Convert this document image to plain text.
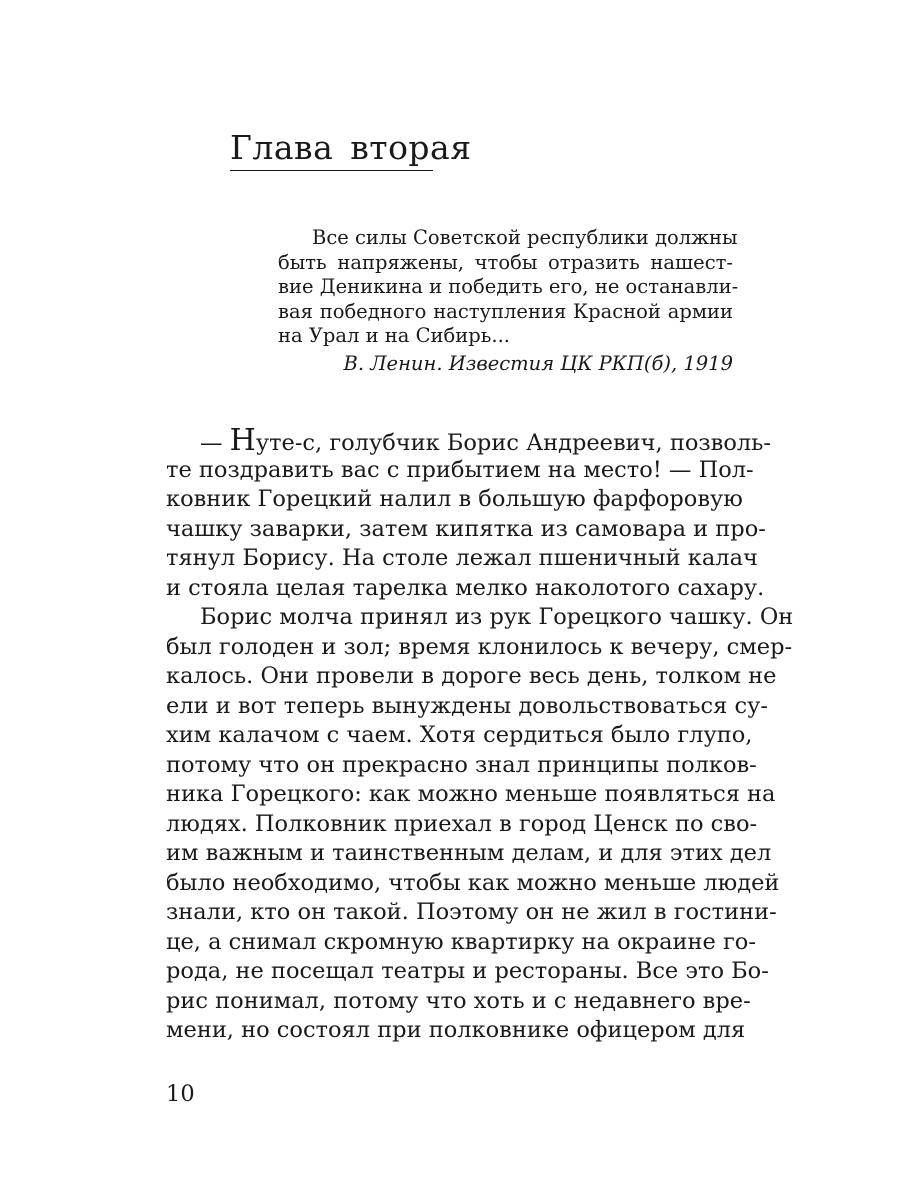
Глава вторая
Все силы Советской республики должны
быть напряжены, чтобы отразить нашест-
вие Деникина и победить его, не останавли-
вая победного наступления Красной армии
на Урал и на Сибирь...
В. Ленин. Известия ЦК РКП(б), 1919
— Нуте-с, голубчик Борис Андреевич, позволь-
те поздравить вас с прибытием на место! — Пол-
ковник Горецкий налил в большую фарфоровую
чашку заварки, затем кипятка из самовара и про-
тянул Борису. На столе лежал пшеничный калач
и стояла целая тарелка мелко наколотого сахару.
Борис молча принял из рук Горецкого чашку. Он
был голоден и зол; время клонилось к вечеру, смер-
калось. Они провели в дороге весь день, толком не
ели и вот теперь вынуждены довольствоваться су-
хим калачом с чаем. Хотя сердиться было глупо,
потому что он прекрасно знал принципы полков-
ника Горецкого: как можно меньше появляться на
людях. Полковник приехал в город Ценск по сво-
им важным и таинственным делам, и для этих дел
было необходимо, чтобы как можно меньше людей
знали, кто он такой. Поэтому он не жил в гостини-
це, а снимал скромную квартирку на окраине го-
рода, не посещал театры и рестораны. Все это Бо-
рис понимал, потому что хоть и с недавнего вре-
мени, но состоял при полковнике офицером для
10
